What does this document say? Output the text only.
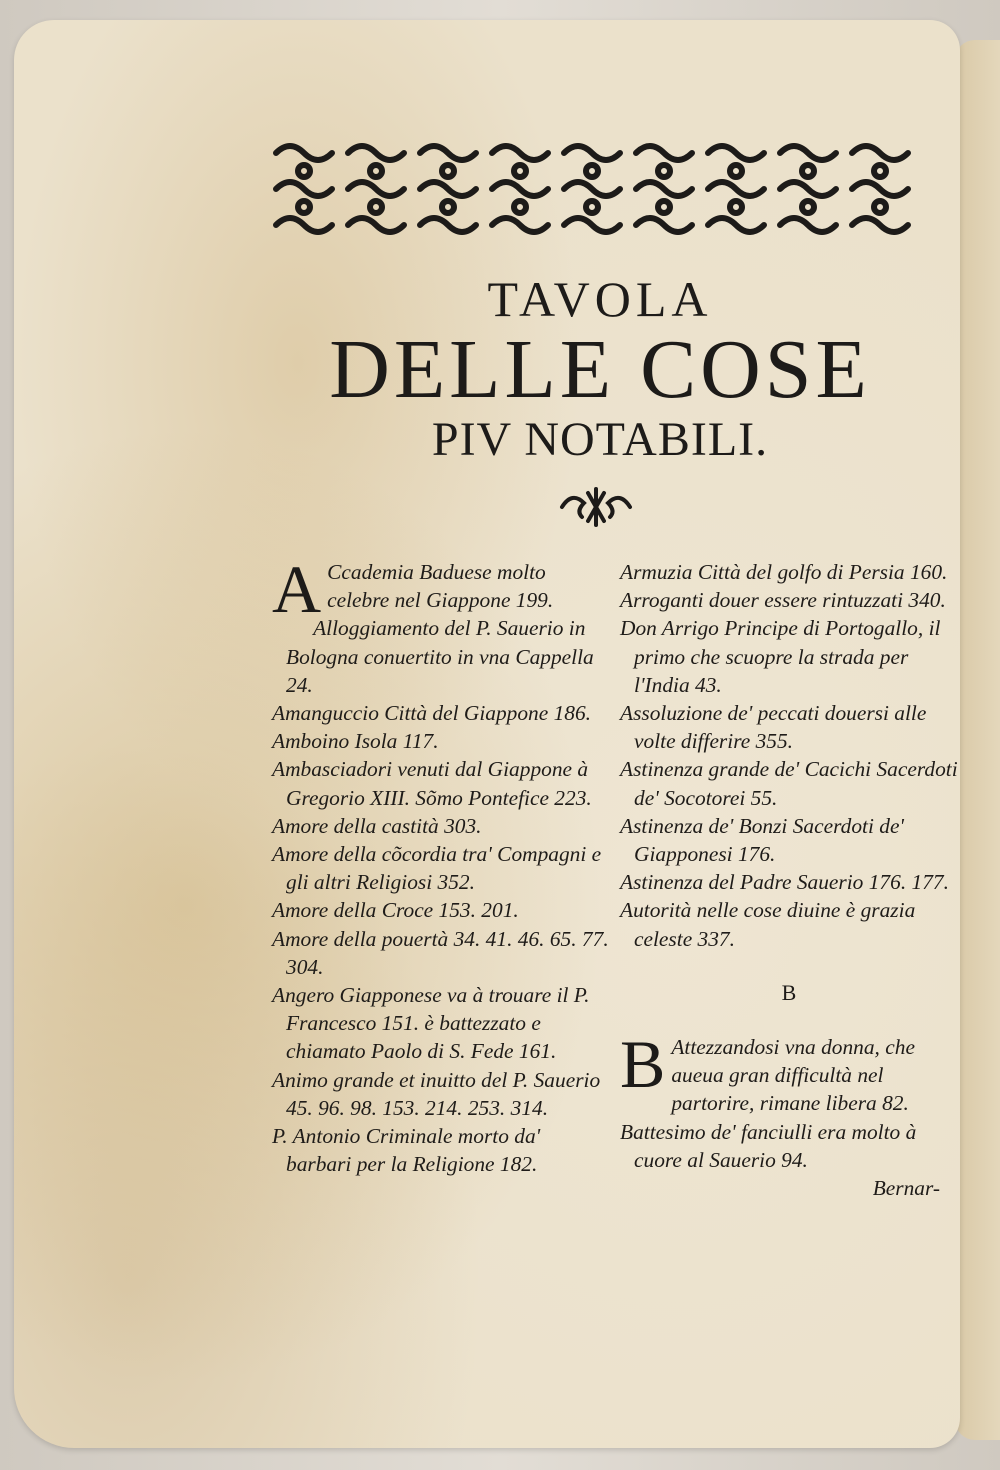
TAVOLA
DELLE COSE
PIV NOTABILI.
A Ccademia Baduese molto celebre nel Giappone 199.
Alloggiamento del P. Sauerio in Bologna conuertito in vna Cappella 24.
Amanguccio Città del Giappone 186.
Amboino Isola 117.
Ambasciadori venuti dal Giappone à Gregorio XIII. Sõmo Pontefice 223.
Amore della castità 303.
Amore della cõcordia tra' Compagni e gli altri Religiosi 352.
Amore della Croce 153. 201.
Amore della pouertà 34. 41. 46. 65. 77. 304.
Angero Giapponese va à trouare il P. Francesco 151. è battezzato e chiamato Paolo di S. Fede 161.
Animo grande et inuitto del P. Sauerio 45. 96. 98. 153. 214. 253. 314.
P. Antonio Criminale morto da' barbari per la Religione 182.
Armuzia Città del golfo di Persia 160.
Arroganti douer essere rintuzzati 340.
Don Arrigo Principe di Portogallo, il primo che scuopre la strada per l'India 43.
Assoluzione de' peccati douersi alle volte differire 355.
Astinenza grande de' Cacichi Sacerdoti de' Socotorei 55.
Astinenza de' Bonzi Sacerdoti de' Giapponesi 176.
Astinenza del Padre Sauerio 176. 177.
Autorità nelle cose diuine è grazia celeste 337.
B
B Attezzandosi vna donna, che aueua gran difficultà nel partorire, rimane libera 82.
Battesimo de' fanciulli era molto à cuore al Sauerio 94.
Bernar-
